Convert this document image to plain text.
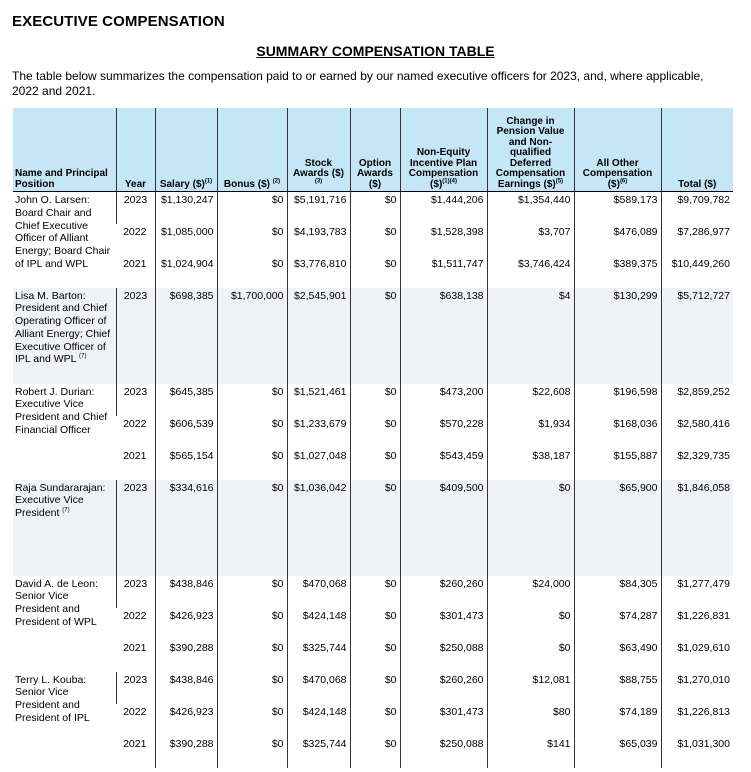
EXECUTIVE COMPENSATION
SUMMARY COMPENSATION TABLE
The table below summarizes the compensation paid to or earned by our named executive officers for 2023, and, where applicable, 2022 and 2021.
Name and Principal Position	Year	Salary ($)$^{(1)}$	Bonus ($) $^{(2)}$	Stock Awards ($)$^{(3)}$	Option Awards ($)	Non-Equity Incentive Plan Compensation ($)$^{(1)(4)}$	Change in Pension Value and Non-qualified Deferred Compensation Earnings ($)$^{(5)}$	All Other Compensation ($)$^{(6)}$	Total ($)
John O. Larsen: Board Chair and Chief Executive Officer of Alliant Energy; Board Chair of IPL and WPL	2023	$1,130,247	$0	$5,191,716	$0	$1,444,206	$1,354,440	$589,173	$9,709,782
	2022	$1,085,000	$0	$4,193,783	$0	$1,528,398	$3,707	$476,089	$7,286,977
	2021	$1,024,904	$0	$3,776,810	$0	$1,511,747	$3,746,424	$389,375	$10,449,260
Lisa M. Barton: President and Chief Operating Officer of Alliant Energy; Chief Executive Officer of IPL and WPL $^{(7)}$	2023	$698,385	$1,700,000	$2,545,901	$0	$638,138	$4	$130,299	$5,712,727
Robert J. Durian: Executive Vice President and Chief Financial Officer	2023	$645,385	$0	$1,521,461	$0	$473,200	$22,608	$196,598	$2,859,252
	2022	$606,539	$0	$1,233,679	$0	$570,228	$1,934	$168,036	$2,580,416
	2021	$565,154	$0	$1,027,048	$0	$543,459	$38,187	$155,887	$2,329,735
Raja Sundararajan: Executive Vice President $^{(7)}$	2023	$334,616	$0	$1,036,042	$0	$409,500	$0	$65,900	$1,846,058
David A. de Leon: Senior Vice President and President of WPL	2023	$438,846	$0	$470,068	$0	$260,260	$24,000	$84,305	$1,277,479
	2022	$426,923	$0	$424,148	$0	$301,473	$0	$74,287	$1,226,831
	2021	$390,288	$0	$325,744	$0	$250,088	$0	$63,490	$1,029,610
Terry L. Kouba: Senior Vice President and President of IPL	2023	$438,846	$0	$470,068	$0	$260,260	$12,081	$88,755	$1,270,010
	2022	$426,923	$0	$424,148	$0	$301,473	$80	$74,189	$1,226,813
	2021	$390,288	$0	$325,744	$0	$250,088	$141	$65,039	$1,031,300
